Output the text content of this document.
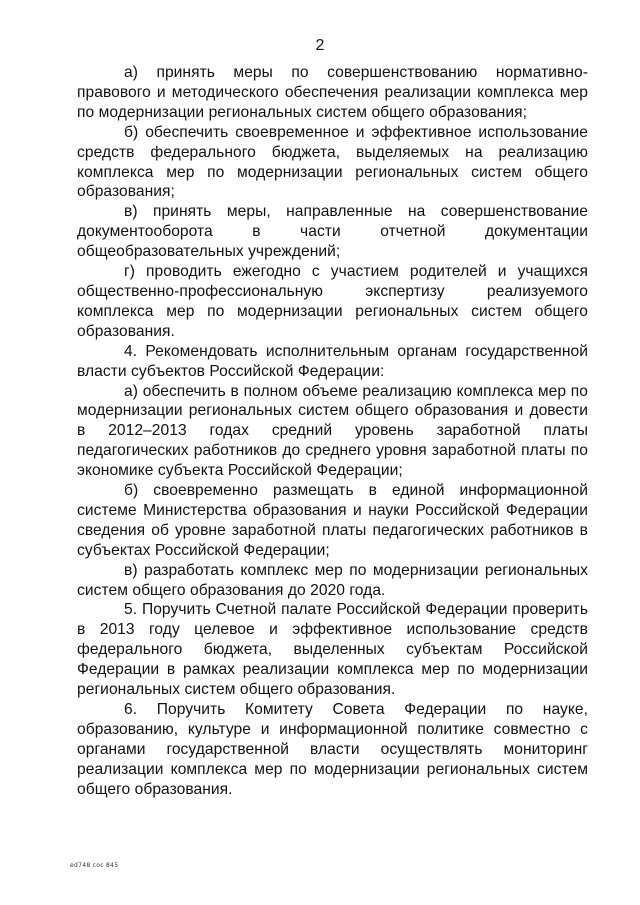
2

а) принять меры по совершенствованию нормативно-правового и методического обеспечения реализации комплекса мер по модернизации региональных систем общего образования;

б) обеспечить своевременное и эффективное использование средств федерального бюджета, выделяемых на реализацию комплекса мер по модернизации региональных систем общего образования;

в) принять меры, направленные на совершенствование документооборота в части отчетной документации общеобразовательных учреждений;

г) проводить ежегодно с участием родителей и учащихся общественно-профессиональную экспертизу реализуемого комплекса мер по модернизации региональных систем общего образования.

4. Рекомендовать исполнительным органам государственной власти субъектов Российской Федерации:

а) обеспечить в полном объеме реализацию комплекса мер по модернизации региональных систем общего образования и довести в 2012–2013 годах средний уровень заработной платы педагогических работников до среднего уровня заработной платы по экономике субъекта Российской Федерации;

б) своевременно размещать в единой информационной системе Министерства образования и науки Российской Федерации сведения об уровне заработной платы педагогических работников в субъектах Российской Федерации;

в) разработать комплекс мер по модернизации региональных систем общего образования до 2020 года.

5. Поручить Счетной палате Российской Федерации проверить в 2013 году целевое и эффективное использование средств федерального бюджета, выделенных субъектам Российской Федерации в рамках реализации комплекса мер по модернизации региональных систем общего образования.

6. Поручить Комитету Совета Федерации по науке, образованию, культуре и информационной политике совместно с органами государственной власти осуществлять мониторинг реализации комплекса мер по модернизации региональных систем общего образования.

ed748 соc 845
